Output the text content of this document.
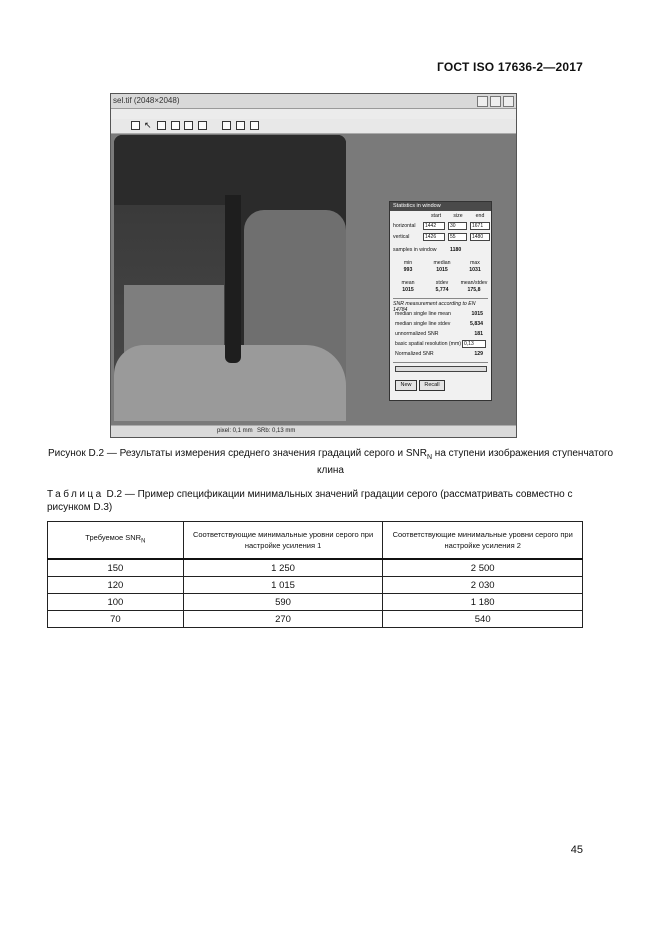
ГОСТ ISO 17636-2—2017
sel.tif (2048×2048)
↖
Statistics in window
start	size	end
horizontal	1442	30	1671
vertical	1426	55	1480
samples in window	1180
min	median	max
993	1015	1031
mean	stdev	mean/stdev
1015	5,774	175,8
SNR measurement according to EN 14784
median single line mean	1015
median single line stdev	5,834
unnormalized SNR	181
basic spatial resolution (mm) 0,13
Normalized SNR	129
New	Recall
pixel: 0,1 mm SRb: 0,13 mm
Рисунок D.2 — Результаты измерения среднего значения градаций серого и $SNR_N$ на ступени изображения ступенчатого клина
Таблица D.2 — Пример спецификации минимальных значений градации серого (рассматривать совместно с рисунком D.3)
Требуемое $SNR_N$	Соответствующие минимальные уровни серого при настройке усиления 1	Соответствующие минимальные уровни серого при настройке усиления 2
150	1 250	2 500
120	1 015	2 030
100	590	1 180
70	270	540
45
